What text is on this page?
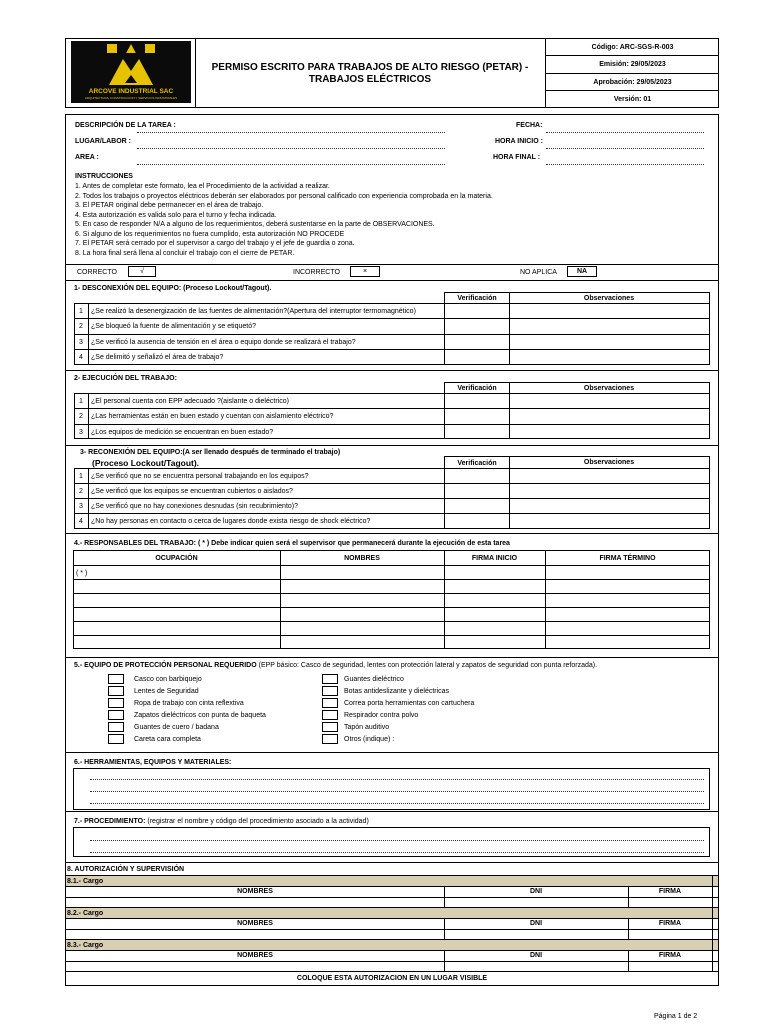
ARCOVE INDUSTRIAL SAC
ARQUITECTURA, CONSTRUCCION Y SERVICIOS INDUSTRIALES
PERMISO ESCRITO PARA TRABAJOS DE ALTO RIESGO (PETAR) -
TRABAJOS ELÉCTRICOS
Código: ARC-SGS-R-003
Emisión: 29/05/2023
Aprobación: 29/05/2023
Versión: 01
DESCRIPCIÓN DE LA TAREA :
LUGAR/LABOR :
AREA :
FECHA:
HORA INICIO :
HORA FINAL :
INSTRUCCIONES
1. Antes de completar este formato, lea el Procedimiento de la actividad a realizar.
2. Todos los trabajos o proyectos eléctricos deberán ser elaborados por personal calificado con experiencia comprobada en la materia.
3. El PETAR original debe permanecer en el área de trabajo.
4. Esta autorización es valida solo para el turno y fecha indicada.
5. En caso de responder N/A a alguno de los requerimientos, deberá sustentarse en la parte de OBSERVACIONES.
6. Si alguno de los requerimientos no fuera cumplido, esta autorización NO PROCEDE
7. El PETAR será cerrado por el supervisor a cargo del trabajo y el jefe de guardia o zona.
8. La hora final será llena al concluir el trabajo con el cierre de PETAR.
CORRECTO	√	INCORRECTO	×	NO APLICA	NA
1- DESCONEXIÓN DEL EQUIPO: (Proceso Lockout/Tagout).
Verificación	Observaciones
1	¿Se realizó la desenergización de las fuentes de alimentación?(Apertura del interruptor termomagnético)
2	¿Se bloqueó la fuente de alimentación y se etiquetó?
3	¿Se verificó la ausencia de tensión en el área o equipo donde se realizará el trabajo?
4	¿Se delimitó y señalizó el área de trabajo?
2- EJECUCIÓN DEL TRABAJO:
Verificación	Observaciones
1	¿El personal cuenta con EPP adecuado ?(aislante o dieléctrico)
2	¿Las herramientas están en buen estado y cuentan con aislamiento eléctrico?
3	¿Los equipos de medición se encuentran en buen estado?
3- RECONEXIÓN DEL EQUIPO:(A ser llenado después de terminado el trabajo)
(Proceso Lockout/Tagout).	Verificación	Observaciones
1	¿Se verificó que no se encuentra personal trabajando en los equipos?
2	¿Se verificó que los equipos se encuentran cubiertos o aislados?
3	¿Se verificó que no hay conexiones desnudas (sin recubrimiento)?
4	¿No hay personas en contacto o cerca de lugares donde exista riesgo de shock eléctrico?
4.- RESPONSABLES DEL TRABAJO: ( * ) Debe indicar quien será el supervisor que permanecerá durante la ejecución de esta tarea
OCUPACIÓN	NOMBRES	FIRMA INICIO	FIRMA TÉRMINO
( * )
5.- EQUIPO DE PROTECCIÓN PERSONAL REQUERIDO (EPP básico: Casco de seguridad, lentes con protección lateral y zapatos de seguridad con punta reforzada).
Casco con barbiquejo
Lentes de Seguridad
Ropa de trabajo con cinta reflextiva
Zapatos dieléctricos con punta de baqueta
Guantes de cuero / badana
Careta cara completa
Guantes dieléctrico
Botas antideslizante y dieléctricas
Correa porta herramientas con cartuchera
Respirador contra polvo
Tapón auditivo
Otros (indique) :
6.- HERRAMIENTAS, EQUIPOS Y MATERIALES:
7.- PROCEDIMIENTO: (registrar el nombre y código del procedimiento asociado a la actividad)
8. AUTORIZACIÓN Y SUPERVISIÓN
8.1.- Cargo
NOMBRES	DNI	FIRMA
8.2.- Cargo
NOMBRES	DNI	FIRMA
8.3.- Cargo
NOMBRES	DNI	FIRMA
COLOQUE ESTA AUTORIZACION EN UN LUGAR VISIBLE
Página 1 de 2
